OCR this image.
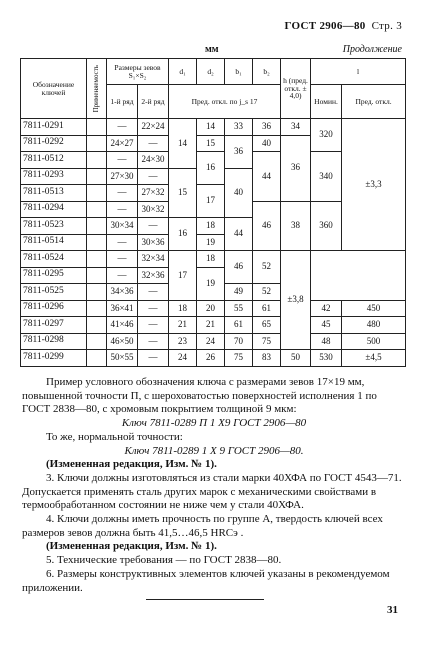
ГОСТ 2906—80 Стр. 3
мм	Продолжение
Обозначение ключей	Применяемость	Размеры зевов S₁×S₂		d₁	d₂	b₁	b₂	h (пред. откл. ± 4,0)	l		
		1-й ряд	2-й ряд	Пред. откл. по j_s 17					Номин.	Пред. откл.	
7811-0291		—	22×24	14	14	33	36	34	320	±3,3	
7811-0292		24×27	—		15	36	40	36			
7811-0512		—	24×30		16		44		340		
7811-0293		27×30	—	15		40					
7811-0513		—	27×32		17						
7811-0294		—	30×32				46	38	360		
7811-0523		30×34	—	16	18	44					
7811-0514		—	30×36		19			
7811-0524		—	32×34	17	18	46	52	±3,8			
7811-0295		—	32×36		19						
7811-0525		34×36	—			49	52				
7811-0296		36×41	—	18	20	55	61		42	450	
7811-0297		41×46	—	21	21	61	65		45	480	
7811-0298		46×50	—	23	24	70	75		48	500	
7811-0299		50×55	—	24	26	75	83	50	530	±4,5	

Пример условного обозначения ключа с размерами зевов 17×19 мм, повышенной точности П, с шероховатостью поверхностей исполнения 1 по ГОСТ 2838—80, с хромовым покрытием толщиной 9 мкм:

Ключ 7811-0289 П 1 Х9 ГОСТ 2906—80

То же, нормальной точности:

Ключ 7811-0289 1 Х 9 ГОСТ 2906—80.

(Измененная редакция, Изм. № 1).

3. Ключи должны изготовляться из стали марки 40ХФА по ГОСТ 4543—71. Допускается применять сталь других марок с механическими свойствами в термообработанном состоянии не ниже чем у стали 40ХФА.

4. Ключи должны иметь прочность по группе А, твердость ключей всех размеров зевов должна быть 41,5…46,5 HRCэ .

(Измененная редакция, Изм. № 1).

5. Технические требования — по ГОСТ 2838—80.

6. Размеры конструктивных элементов ключей указаны в рекомендуемом приложении.

31
